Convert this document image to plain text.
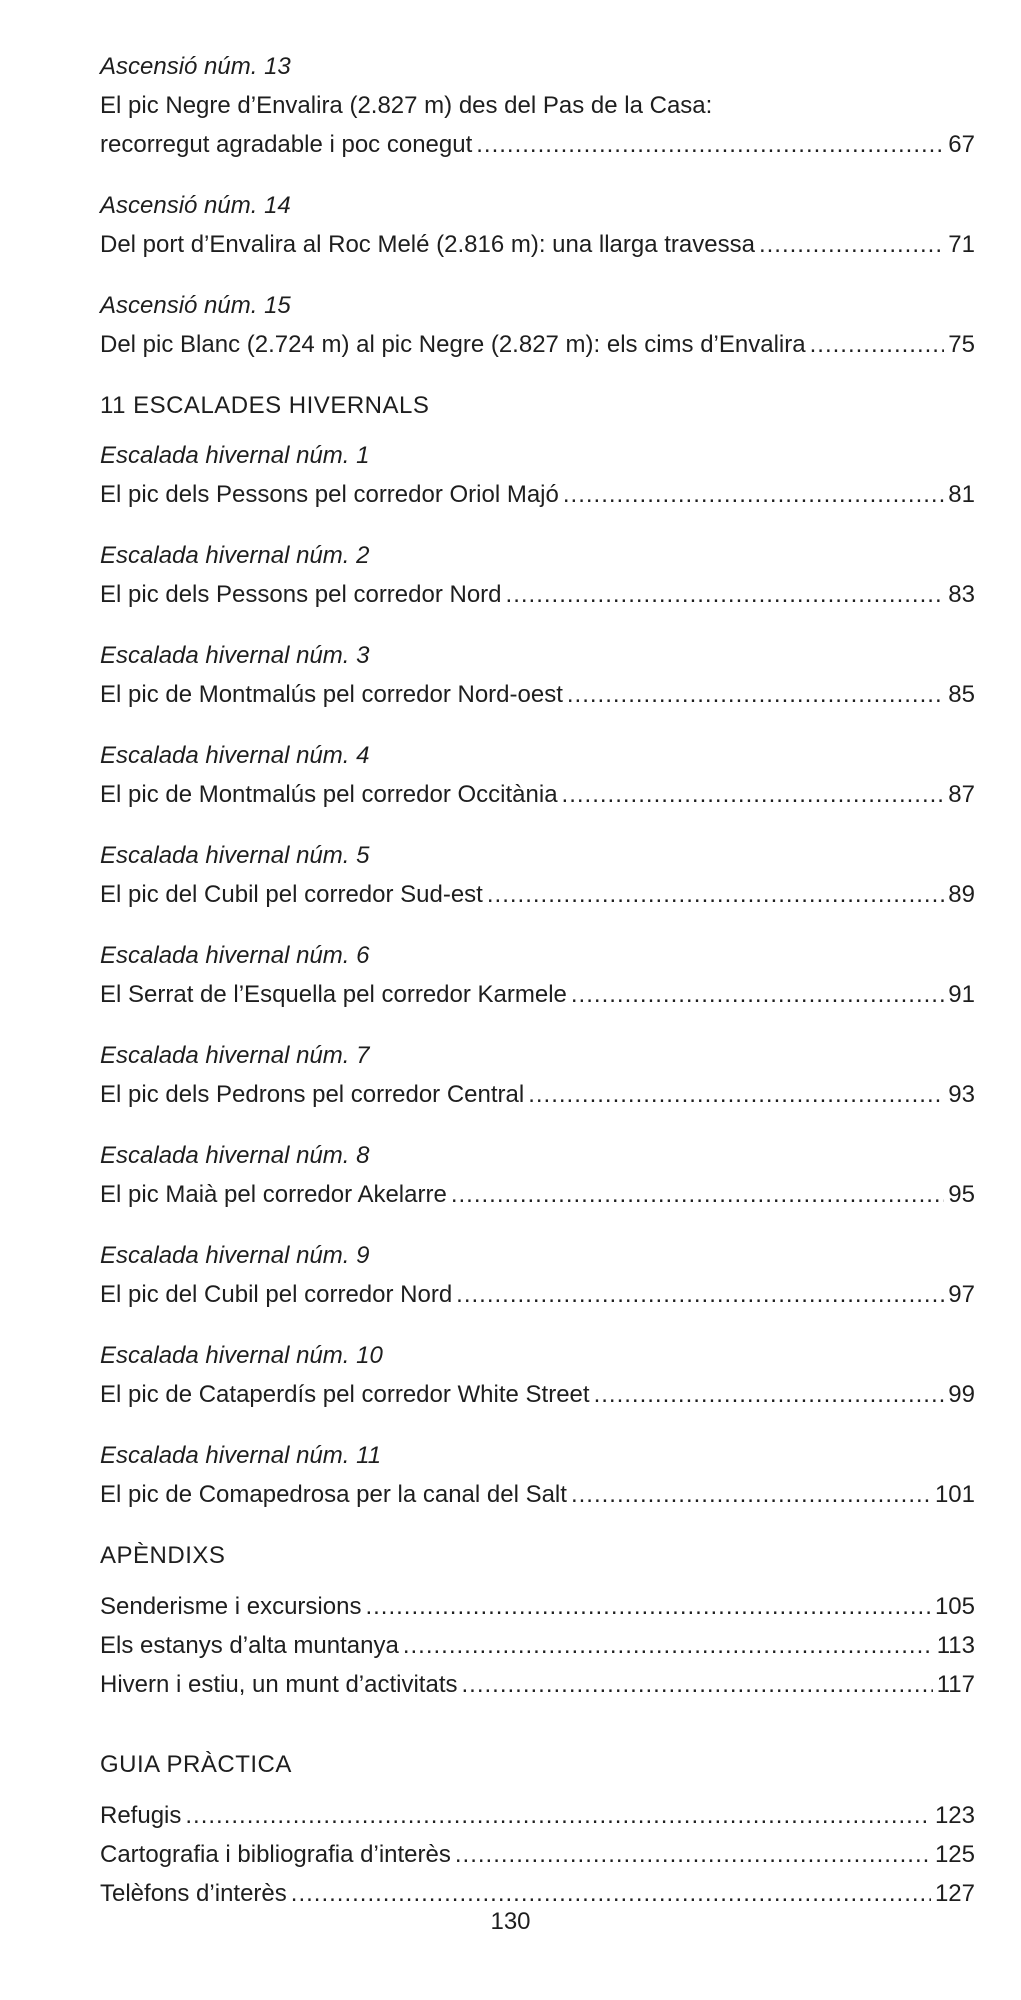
Ascensió núm. 13
El pic Negre d’Envalira (2.827 m) des del Pas de la Casa:
recorregut agradable i poc conegut .....	67
Ascensió núm. 14
Del port d’Envalira al Roc Melé (2.816 m): una llarga travessa .....	71
Ascensió núm. 15
Del pic Blanc (2.724 m) al pic Negre (2.827 m): els cims d’Envalira .....	75
11 ESCALADES HIVERNALS
Escalada hivernal núm. 1
El pic dels Pessons pel corredor Oriol Majó .....	81
Escalada hivernal núm. 2
El pic dels Pessons pel corredor Nord .....	83
Escalada hivernal núm. 3
El pic de Montmalús pel corredor Nord-oest .....	85
Escalada hivernal núm. 4
El pic de Montmalús pel corredor Occitània .....	87
Escalada hivernal núm. 5
El pic del Cubil pel corredor Sud-est .....	89
Escalada hivernal núm. 6
El Serrat de l’Esquella pel corredor Karmele .....	91
Escalada hivernal núm. 7
El pic dels Pedrons pel corredor Central .....	93
Escalada hivernal núm. 8
El pic Maià pel corredor Akelarre .....	95
Escalada hivernal núm. 9
El pic del Cubil pel corredor Nord .....	97
Escalada hivernal núm. 10
El pic de Cataperdís pel corredor White Street .....	99
Escalada hivernal núm. 11
El pic de Comapedrosa per la canal del Salt .....	101
APÈNDIXS
Senderisme i excursions .....	105
Els estanys d’alta muntanya .....	113
Hivern i estiu, un munt d’activitats .....	117
GUIA PRÀCTICA
Refugis .....	123
Cartografia i bibliografia d’interès .....	125
Telèfons d’interès .....	127
130
